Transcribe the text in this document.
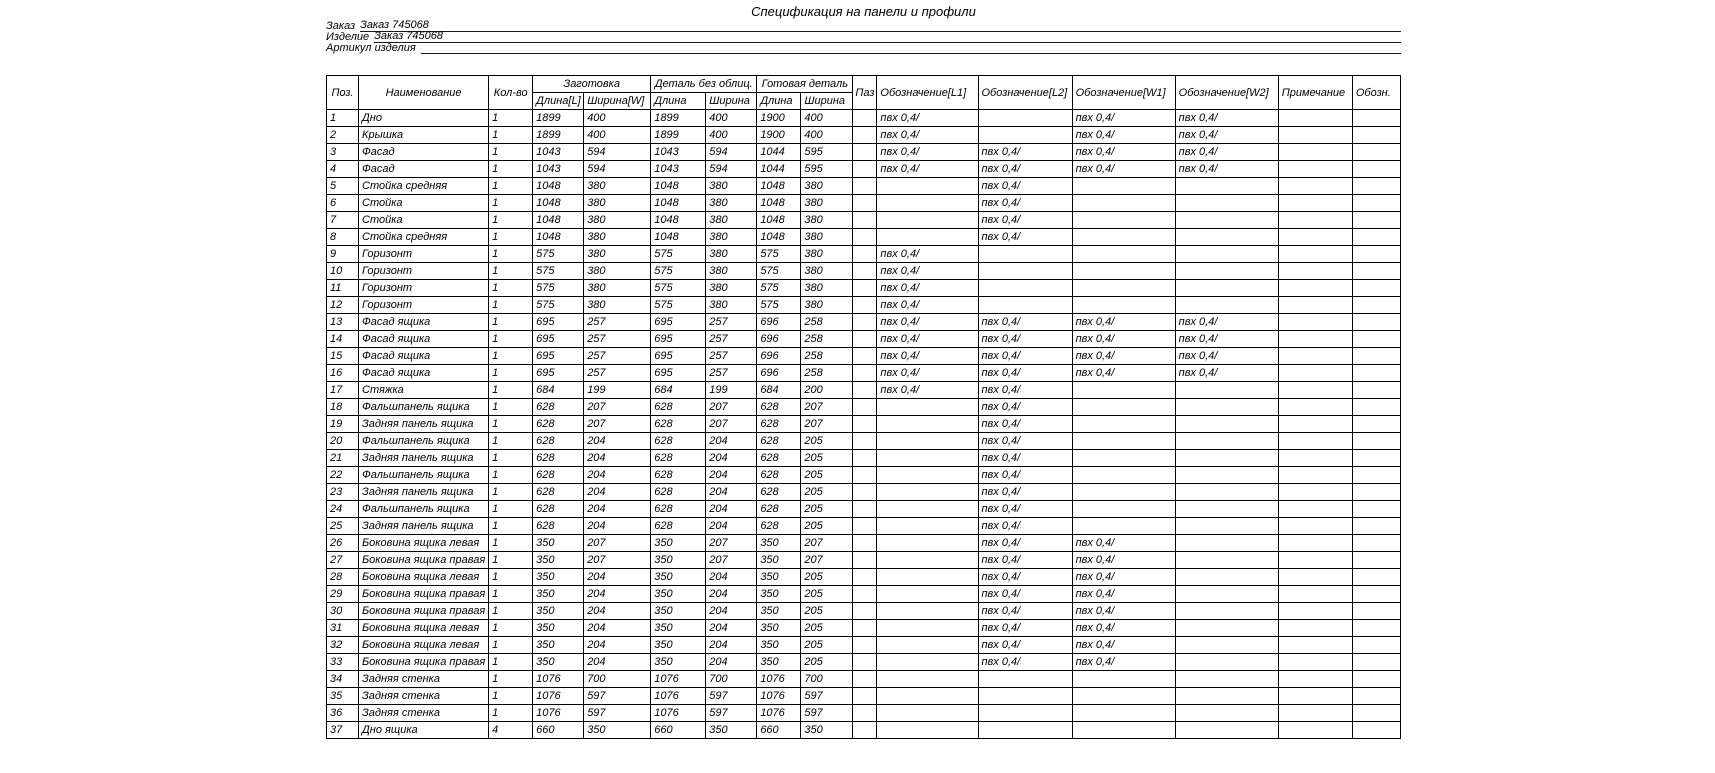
Спецификация на панели и профили
Заказ Заказ 745068
Изделие Заказ 745068
Артикул изделия
Поз.	Наименование	Кол-во	Заготовка		Деталь без облиц.		Готовая деталь		Паз	Обозначение[L1]	Обозначение[L2]	Обозначение[W1]	Обозначение[W2]	Примечание	Обозн.
			Длина[L]	Ширина[W]	Длина	Ширина	Длина	Ширина							
1	Дно	1	1899	400	1899	400	1900	400		пвх 0,4/		пвх 0,4/	пвх 0,4/		
2	Крышка	1	1899	400	1899	400	1900	400		пвх 0,4/		пвх 0,4/	пвх 0,4/		
3	Фасад	1	1043	594	1043	594	1044	595		пвх 0,4/	пвх 0,4/	пвх 0,4/	пвх 0,4/		
4	Фасад	1	1043	594	1043	594	1044	595		пвх 0,4/	пвх 0,4/	пвх 0,4/	пвх 0,4/		
5	Стойка средняя	1	1048	380	1048	380	1048	380			пвх 0,4/				
6	Стойка	1	1048	380	1048	380	1048	380			пвх 0,4/				
7	Стойка	1	1048	380	1048	380	1048	380			пвх 0,4/				
8	Стойка средняя	1	1048	380	1048	380	1048	380			пвх 0,4/				
9	Горизонт	1	575	380	575	380	575	380		пвх 0,4/					
10	Горизонт	1	575	380	575	380	575	380		пвх 0,4/					
11	Горизонт	1	575	380	575	380	575	380		пвх 0,4/					
12	Горизонт	1	575	380	575	380	575	380		пвх 0,4/					
13	Фасад ящика	1	695	257	695	257	696	258		пвх 0,4/	пвх 0,4/	пвх 0,4/	пвх 0,4/		
14	Фасад ящика	1	695	257	695	257	696	258		пвх 0,4/	пвх 0,4/	пвх 0,4/	пвх 0,4/		
15	Фасад ящика	1	695	257	695	257	696	258		пвх 0,4/	пвх 0,4/	пвх 0,4/	пвх 0,4/		
16	Фасад ящика	1	695	257	695	257	696	258		пвх 0,4/	пвх 0,4/	пвх 0,4/	пвх 0,4/		
17	Стяжка	1	684	199	684	199	684	200		пвх 0,4/	пвх 0,4/				
18	Фальшпанель ящика	1	628	207	628	207	628	207			пвх 0,4/				
19	Задняя панель ящика	1	628	207	628	207	628	207			пвх 0,4/				
20	Фальшпанель ящика	1	628	204	628	204	628	205			пвх 0,4/				
21	Задняя панель ящика	1	628	204	628	204	628	205			пвх 0,4/				
22	Фальшпанель ящика	1	628	204	628	204	628	205			пвх 0,4/				
23	Задняя панель ящика	1	628	204	628	204	628	205			пвх 0,4/				
24	Фальшпанель ящика	1	628	204	628	204	628	205			пвх 0,4/				
25	Задняя панель ящика	1	628	204	628	204	628	205			пвх 0,4/				
26	Боковина ящика левая	1	350	207	350	207	350	207			пвх 0,4/	пвх 0,4/			
27	Боковина ящика правая	1	350	207	350	207	350	207			пвх 0,4/	пвх 0,4/			
28	Боковина ящика левая	1	350	204	350	204	350	205			пвх 0,4/	пвх 0,4/			
29	Боковина ящика правая	1	350	204	350	204	350	205			пвх 0,4/	пвх 0,4/			
30	Боковина ящика правая	1	350	204	350	204	350	205			пвх 0,4/	пвх 0,4/			
31	Боковина ящика левая	1	350	204	350	204	350	205			пвх 0,4/	пвх 0,4/			
32	Боковина ящика левая	1	350	204	350	204	350	205			пвх 0,4/	пвх 0,4/			
33	Боковина ящика правая	1	350	204	350	204	350	205			пвх 0,4/	пвх 0,4/			
34	Задняя стенка	1	1076	700	1076	700	1076	700							
35	Задняя стенка	1	1076	597	1076	597	1076	597							
36	Задняя стенка	1	1076	597	1076	597	1076	597							
37	Дно ящика	4	660	350	660	350	660	350							
